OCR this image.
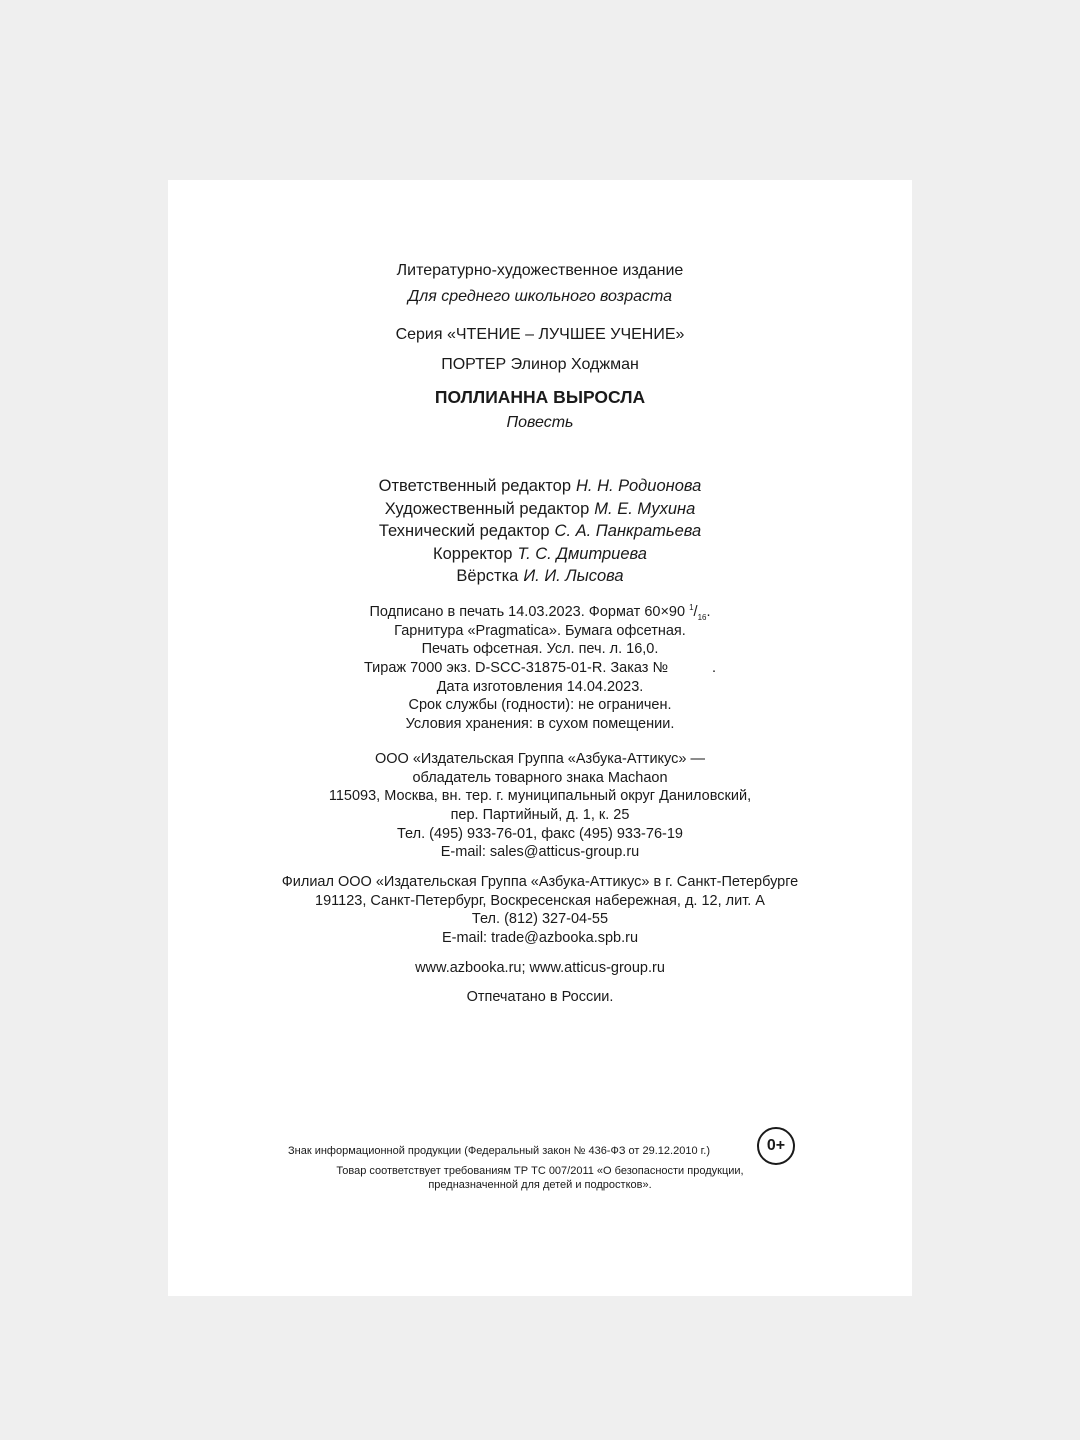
Литературно-художественное издание
Для среднего школьного возраста
Серия «ЧТЕНИЕ – ЛУЧШЕЕ УЧЕНИЕ»
ПОРТЕР Элинор Ходжман
ПОЛЛИАННА ВЫРОСЛА
Повесть
Ответственный редактор Н. Н. Родионова
Художественный редактор М. Е. Мухина
Технический редактор С. А. Панкратьева
Корректор Т. С. Дмитриева
Вёрстка И. И. Лысова
Подписано в печать 14.03.2023. Формат 60×90 $^1/_{16}$.
Гарнитура «Pragmatica». Бумага офсетная.
Печать офсетная. Усл. печ. л. 16,0.
Тираж 7000 экз. D-SCC-31875-01-R. Заказ №	.
Дата изготовления 14.04.2023.
Срок службы (годности): не ограничен.
Условия хранения: в сухом помещении.
ООО «Издательская Группа «Азбука-Аттикус» —
обладатель товарного знака Machaon
115093, Москва, вн. тер. г. муниципальный округ Даниловский,
пер. Партийный, д. 1, к. 25
Тел. (495) 933-76-01, факс (495) 933-76-19
E-mail: sales@atticus-group.ru
Филиал ООО «Издательская Группа «Азбука-Аттикус» в г. Санкт-Петербурге
191123, Санкт-Петербург, Воскресенская набережная, д. 12, лит. А
Тел. (812) 327-04-55
E-mail: trade@azbooka.spb.ru
www.azbooka.ru; www.atticus-group.ru
Отпечатано в России.
Знак информационной продукции (Федеральный закон № 436-ФЗ от 29.12.2010 г.)	0+
Товар соответствует требованиям ТР ТС 007/2011 «О безопасности продукции,
предназначенной для детей и подростков».
